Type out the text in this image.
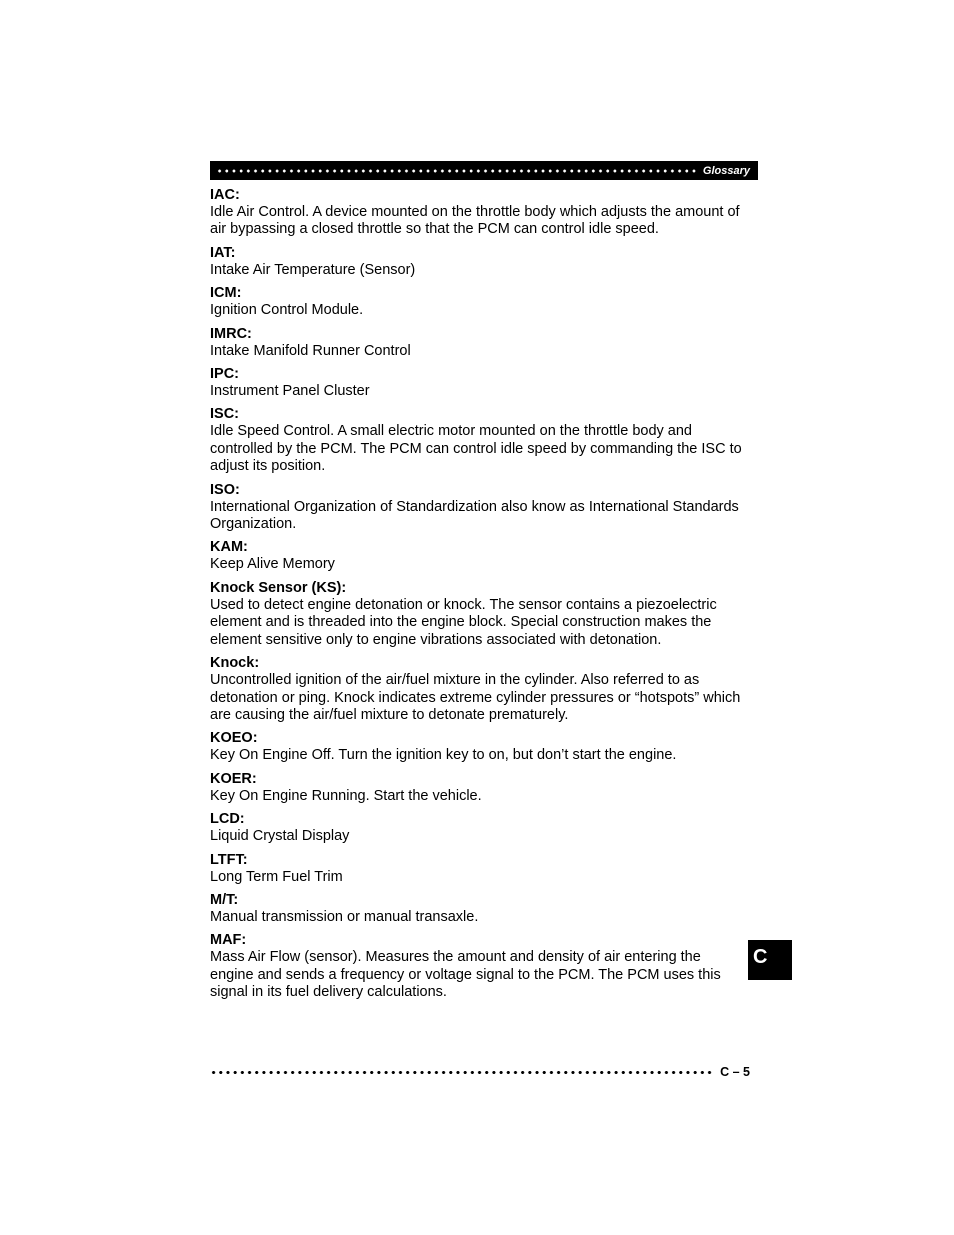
Glossary
IAC:
Idle Air Control. A device mounted on the throttle body which adjusts the amount of air bypassing a closed throttle so that the PCM can control idle speed.
IAT:
Intake Air Temperature (Sensor)
ICM:
Ignition Control Module.
IMRC:
Intake Manifold Runner Control
IPC:
Instrument Panel Cluster
ISC:
Idle Speed Control. A small electric motor mounted on the throttle body and controlled by the PCM. The PCM can control idle speed by commanding the ISC to adjust its position.
ISO:
International Organization of Standardization also know as International Standards Organization.
KAM:
Keep Alive Memory
Knock Sensor (KS):
Used to detect engine detonation or knock. The sensor contains a piezoelectric element and is threaded into the engine block. Special construction makes the element sensitive only to engine vibrations associated with detonation.
Knock:
Uncontrolled ignition of the air/fuel mixture in the cylinder. Also referred to as detonation or ping. Knock indicates extreme cylinder pressures or “hotspots” which are causing the air/fuel mixture to detonate prematurely.
KOEO:
Key On Engine Off. Turn the ignition key to on, but don’t start the engine.
KOER:
Key On Engine Running. Start the vehicle.
LCD:
Liquid Crystal Display
LTFT:
Long Term Fuel Trim
M/T:
Manual transmission or manual transaxle.
MAF:
Mass Air Flow (sensor). Measures the amount and density of air entering the engine and sends a frequency or voltage signal to the PCM. The PCM uses this signal in its fuel delivery calculations.
C
C – 5
